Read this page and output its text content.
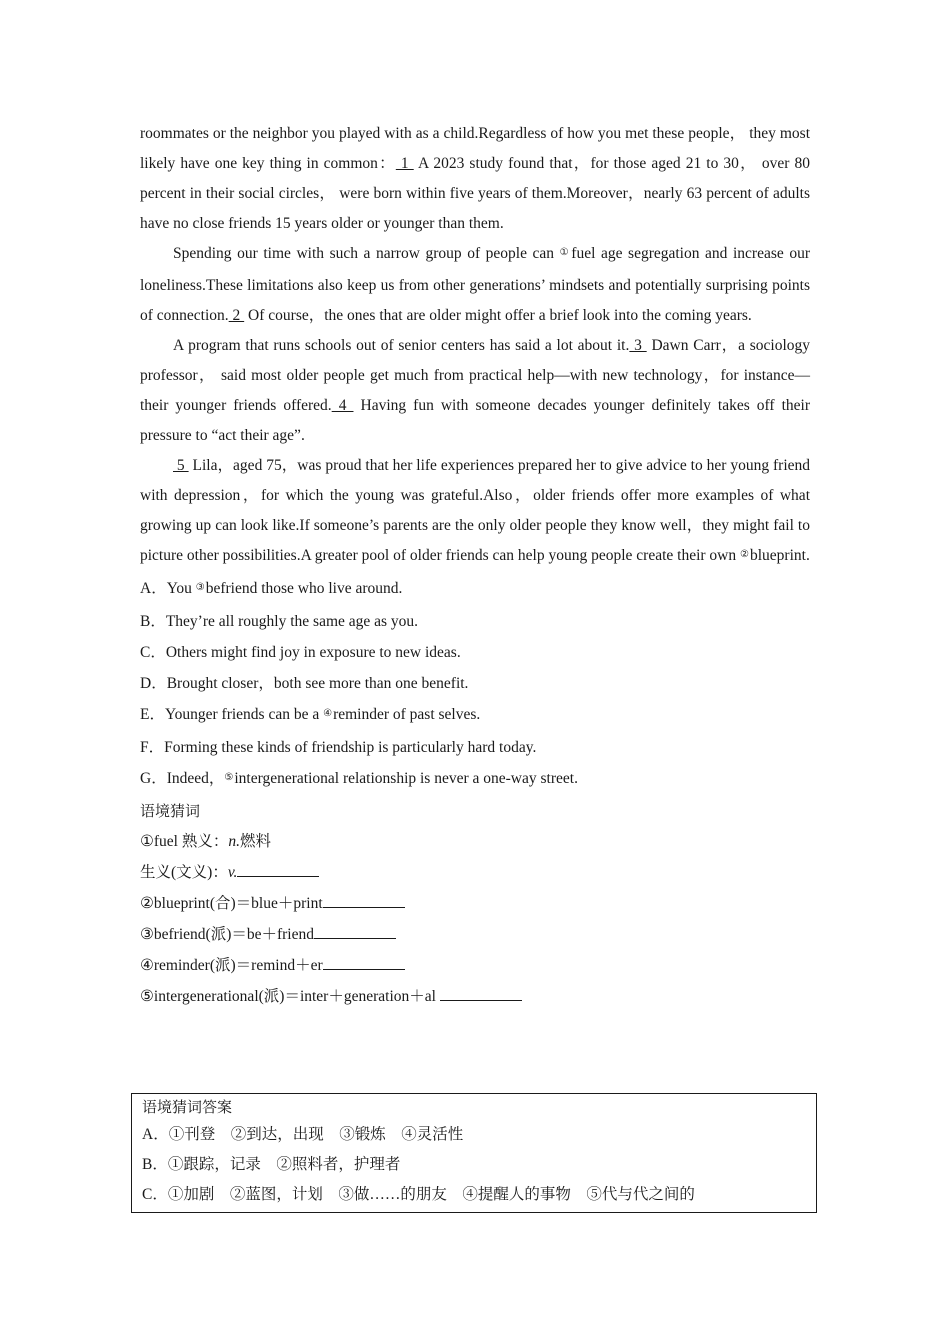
roommates or the neighbor you played with as a child.Regardless of how you met these people， they most likely have one key thing in common： 1  A 2023 study found that，for those aged 21 to 30， over 80 percent in their social circles， were born within five years of them.Moreover，nearly 63 percent of adults have no close friends 15 years older or younger than them.

Spending our time with such a narrow group of people can ①fuel age segregation and increase our loneliness.These limitations also keep us from other generations’ mindsets and potentially surprising points of connection. 2  Of course，the ones that are older might offer a brief look into the coming years.

A program that runs schools out of senior centers has said a lot about it. 3  Dawn Carr，a sociology professor， said most older people get much from practical help—with new technology，for instance—their younger friends offered. 4  Having fun with someone decades younger definitely takes off their pressure to “act their age”.

5  Lila，aged 75，was proud that her life experiences prepared her to give advice to her young friend with depression，for which the young was grateful.Also，older friends offer more examples of what growing up can look like.If someone’s parents are the only older people they know well，they might fail to picture other possibilities.A greater pool of older friends can help young people create their own ②blueprint.

A．You ③befriend those who live around.

B．They’re all roughly the same age as you.

C．Others might find joy in exposure to new ideas.

D．Brought closer，both see more than one benefit.

E．Younger friends can be a ④reminder of past selves.

F．Forming these kinds of friendship is particularly hard today.

G．Indeed，⑤intergenerational relationship is never a one-way street.

语境猜词

①fuel 熟义：n.燃料

生义(文义)：v.

②blueprint(合)＝blue＋print

③befriend(派)＝be＋friend

④reminder(派)＝remind＋er

⑤intergenerational(派)＝inter＋generation＋al

语境猜词答案

A．①刊登　②到达，出现　③锻炼　④灵活性

B．①跟踪，记录　②照料者，护理者

C．①加剧　②蓝图，计划　③做……的朋友　④提醒人的事物　⑤代与代之间的
